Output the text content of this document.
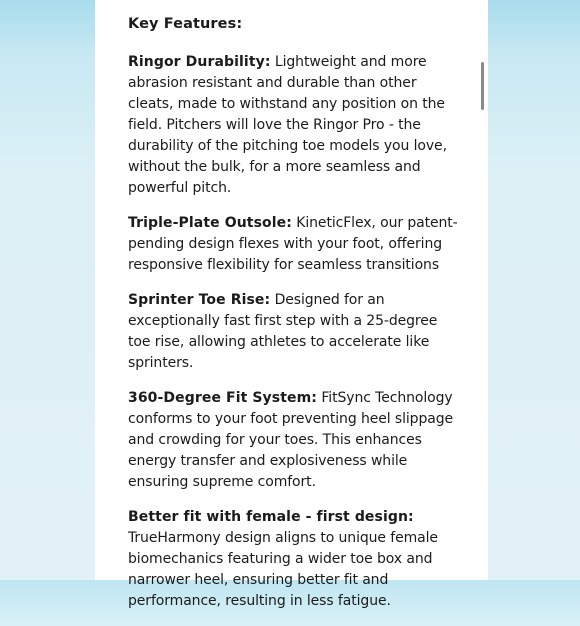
Key Features:

Ringor Durability: Lightweight and more abrasion resistant and durable than other cleats, made to withstand any position on the field. Pitchers will love the Ringor Pro - the durability of the pitching toe models you love, without the bulk, for a more seamless and powerful pitch.

Triple-Plate Outsole: KineticFlex, our patent-pending design flexes with your foot, offering responsive flexibility for seamless transitions

Sprinter Toe Rise: Designed for an exceptionally fast first step with a 25-degree toe rise, allowing athletes to accelerate like sprinters.

360-Degree Fit System: FitSync Technology conforms to your foot preventing heel slippage and crowding for your toes. This enhances energy transfer and explosiveness while ensuring supreme comfort.

Better fit with female - first design: TrueHarmony design aligns to unique female biomechanics featuring a wider toe box and narrower heel, ensuring better fit and performance, resulting in less fatigue.
